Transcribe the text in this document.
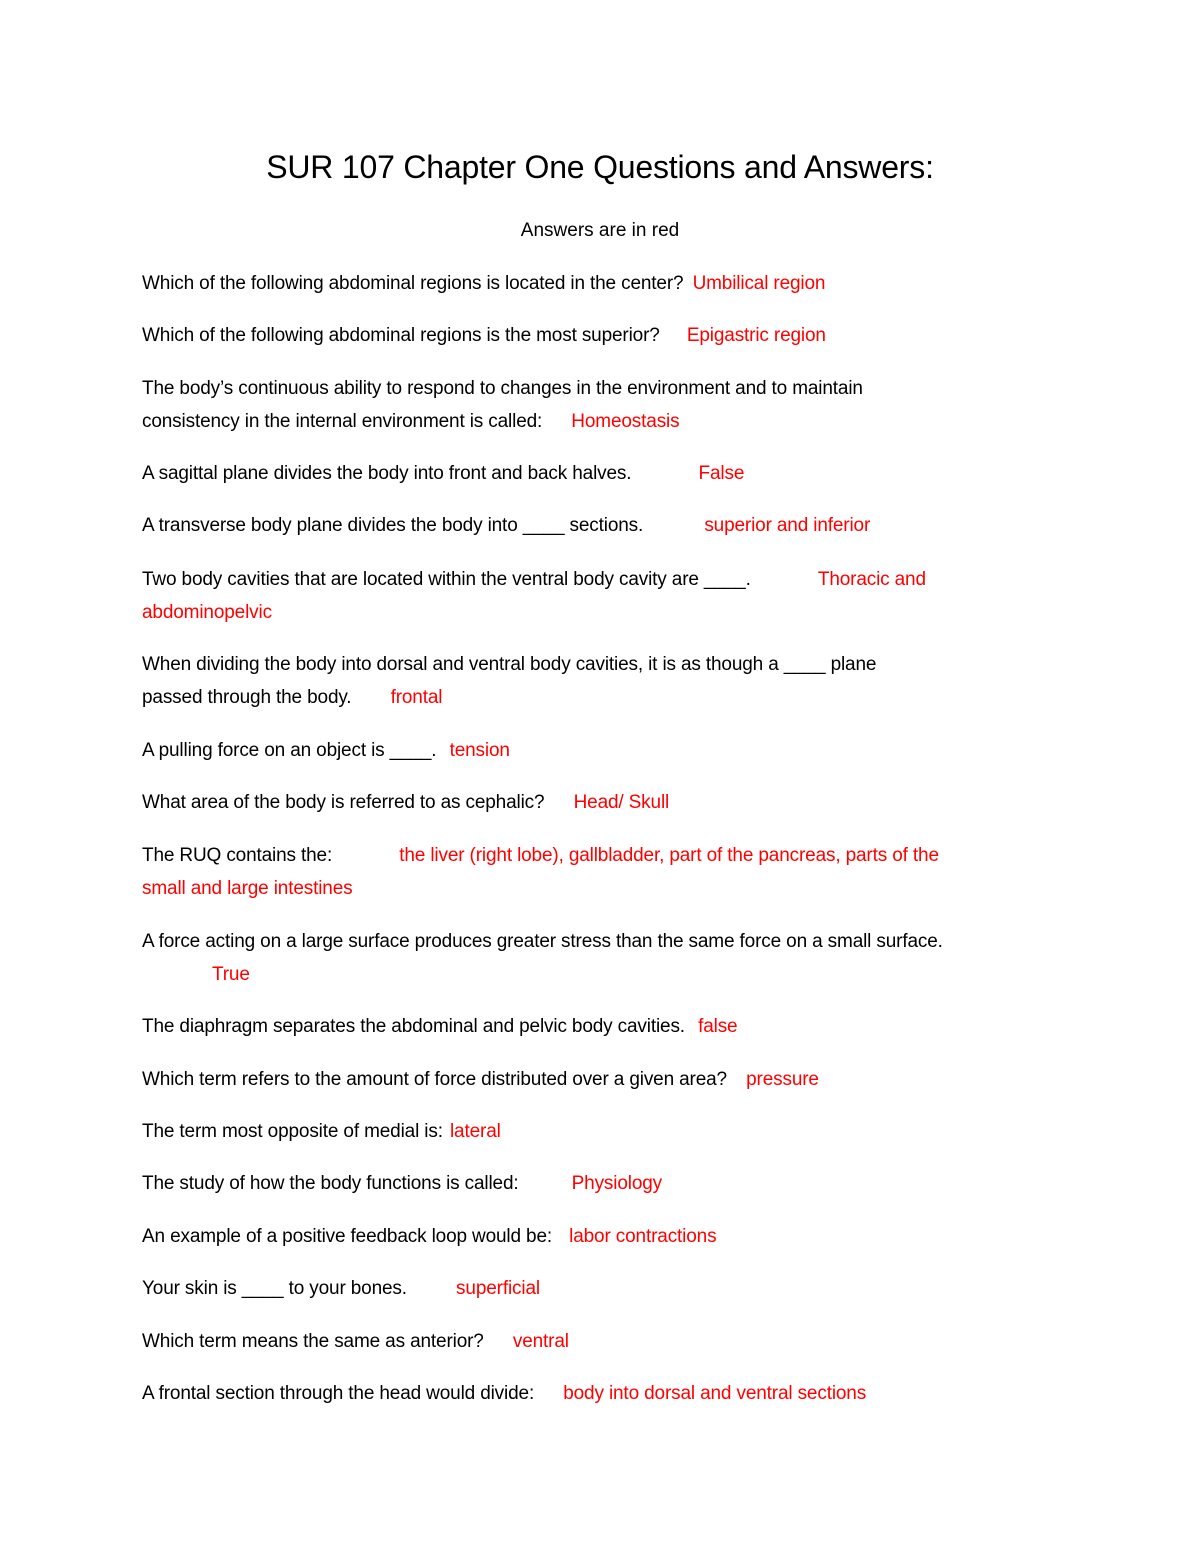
SUR 107 Chapter One Questions and Answers:
Answers are in red
Which of the following abdominal regions is located in the center? Umbilical region
Which of the following abdominal regions is the most superior? Epigastric region
The body’s continuous ability to respond to changes in the environment and to maintain
consistency in the internal environment is called: Homeostasis
A sagittal plane divides the body into front and back halves.	False
A transverse body plane divides the body into ____ sections.	superior and inferior
Two body cavities that are located within the ventral body cavity are ____.	Thoracic and
abdominopelvic
When dividing the body into dorsal and ventral body cavities, it is as though a ____ plane
passed through the body. frontal
A pulling force on an object is ____. tension
What area of the body is referred to as cephalic? Head/ Skull
The RUQ contains the:	the liver (right lobe), gallbladder, part of the pancreas, parts of the
small and large intestines
A force acting on a large surface produces greater stress than the same force on a small surface.
True
The diaphragm separates the abdominal and pelvic body cavities. false
Which term refers to the amount of force distributed over a given area? pressure
The term most opposite of medial is: lateral
The study of how the body functions is called:	Physiology
An example of a positive feedback loop would be: labor contractions
Your skin is ____ to your bones.	superficial
Which term means the same as anterior? ventral
A frontal section through the head would divide: body into dorsal and ventral sections
